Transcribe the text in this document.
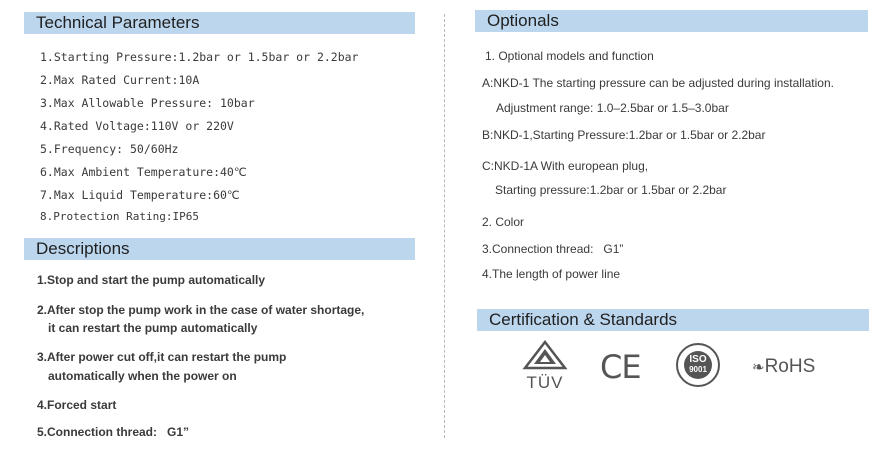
Technical Parameters
1.Starting Pressure:1.2bar or 1.5bar or 2.2bar
2.Max Rated Current:10A
3.Max Allowable Pressure: 10bar
4.Rated Voltage:110V or 220V
5.Frequency: 50/60Hz
6.Max Ambient Temperature:40℃
7.Max Liquid Temperature:60℃
8.Protection Rating:IP65
Descriptions
1.Stop and start the pump automatically
2.After stop the pump work in the case of water shortage,
it can restart the pump automatically
3.After power cut off,it can restart the pump
automatically when the power on
4.Forced start
5.Connection thread:   G1”
Optionals
1. Optional models and function
A:NKD-1 The starting pressure can be adjusted during installation.
Adjustment range: 1.0–2.5bar or 1.5–3.0bar
B:NKD-1,Starting Pressure:1.2bar or 1.5bar or 2.2bar
C:NKD-1A With european plug,
Starting pressure:1.2bar or 1.5bar or 2.2bar
2. Color
3.Connection thread:   G1”
4.The length of power line
Certification & Standards
TÜV CE	ISO
9001	❧RoHS
